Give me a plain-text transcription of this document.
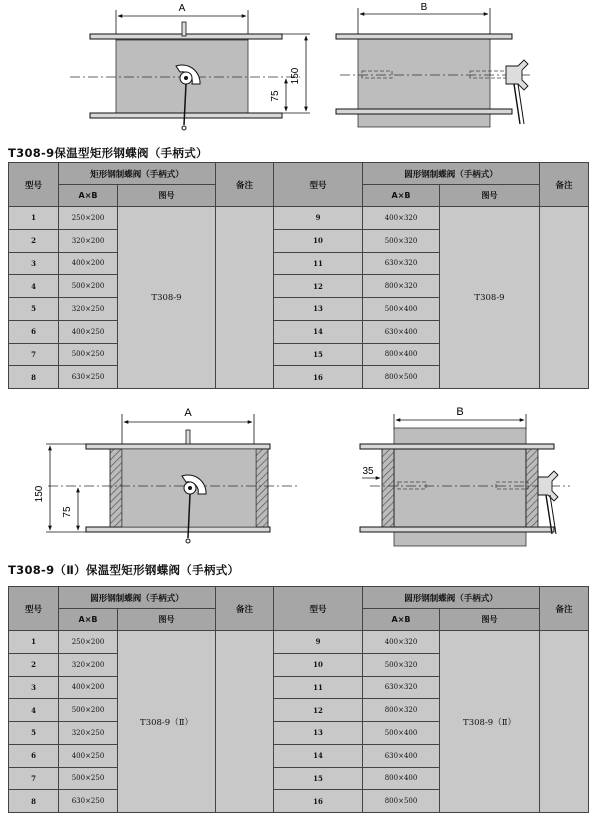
A
150
75
B
T308-9保温型矩形钢蝶阀（手柄式）
型号	矩形钢制蝶阀（手柄式）		备注	型号	圆形钢制蝶阀（手柄式）		备注
	A×B	图号			A×B	图号	
1	250×200	T308-9		9	400×320	T308-9	
2	320×200			10	500×320		
3	400×200			11	630×320		
4	500×200			12	800×320		
5	320×250			13	500×400		
6	400×250			14	630×400		
7	500×250			15	800×400		
8	630×250			16	800×500		
A
150
75
B
35
T308-9（Ⅱ）保温型矩形钢蝶阀（手柄式）
型号	圆形钢制蝶阀（手柄式）		备注	型号	圆形钢制蝶阀（手柄式）		备注
	A×B	图号			A×B	图号	
1	250×200	T308-9（Ⅱ）		9	400×320	T308-9（Ⅱ）	
2	320×200			10	500×320		
3	400×200			11	630×320		
4	500×200			12	800×320		
5	320×250			13	500×400		
6	400×250			14	630×400		
7	500×250			15	800×400		
8	630×250			16	800×500		
